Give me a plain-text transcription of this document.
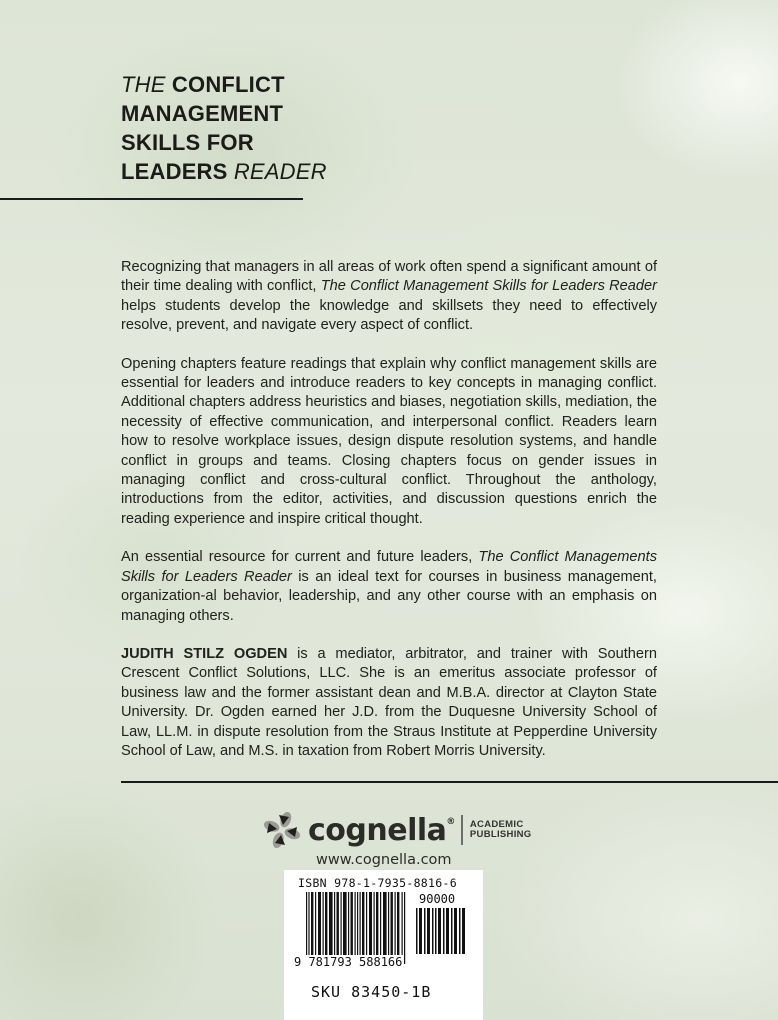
THE CONFLICT
MANAGEMENT
SKILLS FOR
LEADERS READER

Recognizing that managers in all areas of work often spend a significant amount of their time dealing with conflict, The Conflict Management Skills for Leaders Reader helps students develop the knowledge and skillsets they need to effectively resolve, prevent, and navigate every aspect of conflict.

Opening chapters feature readings that explain why conflict management skills are essential for leaders and introduce readers to key concepts in managing conflict. Additional chapters address heuristics and biases, negotiation skills, mediation, the necessity of effective communication, and interpersonal conflict. Readers learn how to resolve workplace issues, design dispute resolution systems, and handle conflict in groups and teams. Closing chapters focus on gender issues in managing conflict and cross-cultural conflict. Throughout the anthology, introductions from the editor, activities, and discussion questions enrich the reading experience and inspire critical thought.

An essential resource for current and future leaders, The Conflict Managements Skills for Leaders Reader is an ideal text for courses in business management, organization-al behavior, leadership, and any other course with an emphasis on managing others.

JUDITH STILZ OGDEN is a mediator, arbitrator, and trainer with Southern Crescent Conflict Solutions, LLC. She is an emeritus associate professor of business law and the former assistant dean and M.B.A. director at Clayton State University. Dr. Ogden earned her J.D. from the Duquesne University School of Law, LL.M. in dispute resolution from the Straus Institute at Pepperdine University School of Law, and M.S. in taxation from Robert Morris University.

cognella® ACADEMIC
PUBLISHING
www.cognella.com
ISBN 978-1-7935-8816-6
90000
9 781793 588166
SKU 83450-1B
